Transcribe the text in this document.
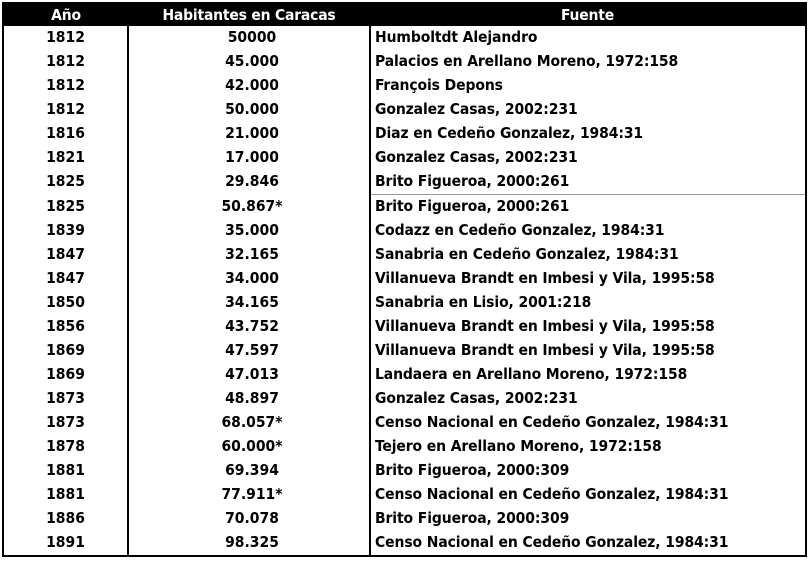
Año	Habitantes en Caracas	Fuente
1812	50000	Humboltdt Alejandro
1812	45.000	Palacios en Arellano Moreno, 1972:158
1812	42.000	François Depons
1812	50.000	Gonzalez Casas, 2002:231
1816	21.000	Diaz en Cedeño Gonzalez, 1984:31
1821	17.000	Gonzalez Casas, 2002:231
1825	29.846	Brito Figueroa, 2000:261
1825	50.867*	Brito Figueroa, 2000:261
1839	35.000	Codazz en Cedeño Gonzalez, 1984:31
1847	32.165	Sanabria en Cedeño Gonzalez, 1984:31
1847	34.000	Villanueva Brandt en Imbesi y Vila, 1995:58
1850	34.165	Sanabria en Lisio, 2001:218
1856	43.752	Villanueva Brandt en Imbesi y Vila, 1995:58
1869	47.597	Villanueva Brandt en Imbesi y Vila, 1995:58
1869	47.013	Landaera en Arellano Moreno, 1972:158
1873	48.897	Gonzalez Casas, 2002:231
1873	68.057*	Censo Nacional en Cedeño Gonzalez, 1984:31
1878	60.000*	Tejero en Arellano Moreno, 1972:158
1881	69.394	Brito Figueroa, 2000:309
1881	77.911*	Censo Nacional en Cedeño Gonzalez, 1984:31
1886	70.078	Brito Figueroa, 2000:309
1891	98.325	Censo Nacional en Cedeño Gonzalez, 1984:31
